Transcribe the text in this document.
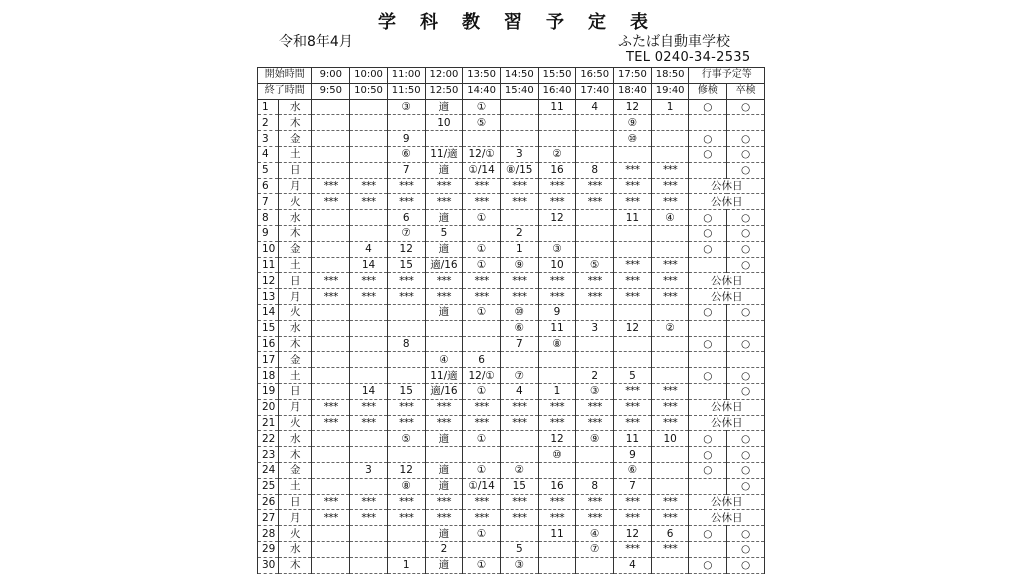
学 科 教 習 予 定 表
令和8年4月	ふたば自動車学校
TEL 0240-34-2535
開始時間		9:00	10:00	11:00	12:00	13:50	14:50	15:50	16:50	17:50	18:50	行事予定等	
終了時間		9:50	10:50	11:50	12:50	14:40	15:40	16:40	17:40	18:40	19:40	修検	卒検
1	水			③	適	①		11	4	12	1	○	○
2	木				10	⑤				⑨			
3	金			9						⑩		○	○
4	土			⑥	11/適	12/①	3	②				○	○
5	日			7	適	①/14	⑧/15	16	8	***	***		○
6	月	***	***	***	***	***	***	***	***	***	***	公休日	
7	火	***	***	***	***	***	***	***	***	***	***	公休日	
8	水			6	適	①		12		11	④	○	○
9	木			⑦	5		2					○	○
10	金		4	12	適	①	1	③				○	○
11	土		14	15	適/16	①	⑨	10	⑤	***	***		○
12	日	***	***	***	***	***	***	***	***	***	***	公休日	
13	月	***	***	***	***	***	***	***	***	***	***	公休日	
14	火				適	①	⑩	9				○	○
15	水						⑥	11	3	12	②		
16	木			8			7	⑧				○	○
17	金				④	6							
18	土				11/適	12/①	⑦		2	5		○	○
19	日		14	15	適/16	①	4	1	③	***	***		○
20	月	***	***	***	***	***	***	***	***	***	***	公休日	
21	火	***	***	***	***	***	***	***	***	***	***	公休日	
22	水			⑤	適	①		12	⑨	11	10	○	○
23	木							⑩		9		○	○
24	金		3	12	適	①	②			⑥		○	○
25	土			⑧	適	①/14	15	16	8	7			○
26	日	***	***	***	***	***	***	***	***	***	***	公休日	
27	月	***	***	***	***	***	***	***	***	***	***	公休日	
28	火				適	①		11	④	12	6	○	○
29	水				2		5		⑦	***	***		○
30	木			1	適	①	③			4		○	○
